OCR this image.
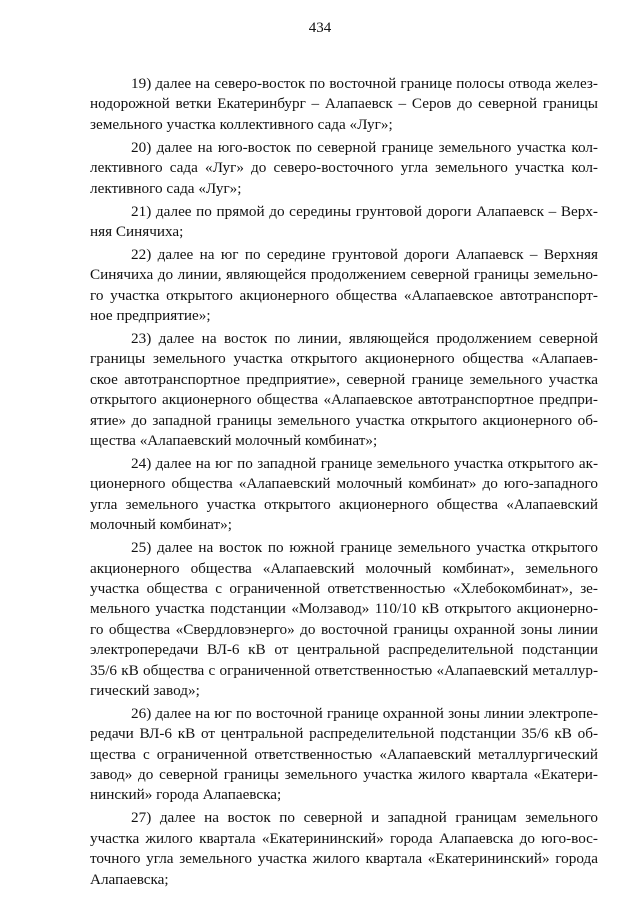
434
19) далее на северо-восток по восточной границе полосы отвода желез-
нодорожной ветки Екатеринбург – Алапаевск – Серов до северной границы
земельного участка коллективного сада «Луг»;
20) далее на юго-восток по северной границе земельного участка кол-
лективного сада «Луг» до северо-восточного угла земельного участка кол-
лективного сада «Луг»;
21) далее по прямой до середины грунтовой дороги Алапаевск – Верх-
няя Синячиха;
22) далее на юг по середине грунтовой дороги Алапаевск – Верхняя
Синячиха до линии, являющейся продолжением северной границы земельно-
го участка открытого акционерного общества «Алапаевское автотранспорт-
ное предприятие»;
23) далее на восток по линии, являющейся продолжением северной
границы земельного участка открытого акционерного общества «Алапаев-
ское автотранспортное предприятие», северной границе земельного участка
открытого акционерного общества «Алапаевское автотранспортное предпри-
ятие» до западной границы земельного участка открытого акционерного об-
щества «Алапаевский молочный комбинат»;
24) далее на юг по западной границе земельного участка открытого ак-
ционерного общества «Алапаевский молочный комбинат» до юго-западного
угла земельного участка открытого акционерного общества «Алапаевский
молочный комбинат»;
25) далее на восток по южной границе земельного участка открытого
акционерного общества «Алапаевский молочный комбинат», земельного
участка общества с ограниченной ответственностью «Хлебокомбинат», зе-
мельного участка подстанции «Молзавод» 110/10 кВ открытого акционерно-
го общества «Свердловэнерго» до восточной границы охранной зоны линии
электропередачи ВЛ-6 кВ от центральной распределительной подстанции
35/6 кВ общества с ограниченной ответственностью «Алапаевский металлур-
гический завод»;
26) далее на юг по восточной границе охранной зоны линии электропе-
редачи ВЛ-6 кВ от центральной распределительной подстанции 35/6 кВ об-
щества с ограниченной ответственностью «Алапаевский металлургический
завод» до северной границы земельного участка жилого квартала «Екатери-
нинский» города Алапаевска;
27) далее на восток по северной и западной границам земельного
участка жилого квартала «Екатерининский» города Алапаевска до юго-вос-
точного угла земельного участка жилого квартала «Екатерининский» города
Алапаевска;
